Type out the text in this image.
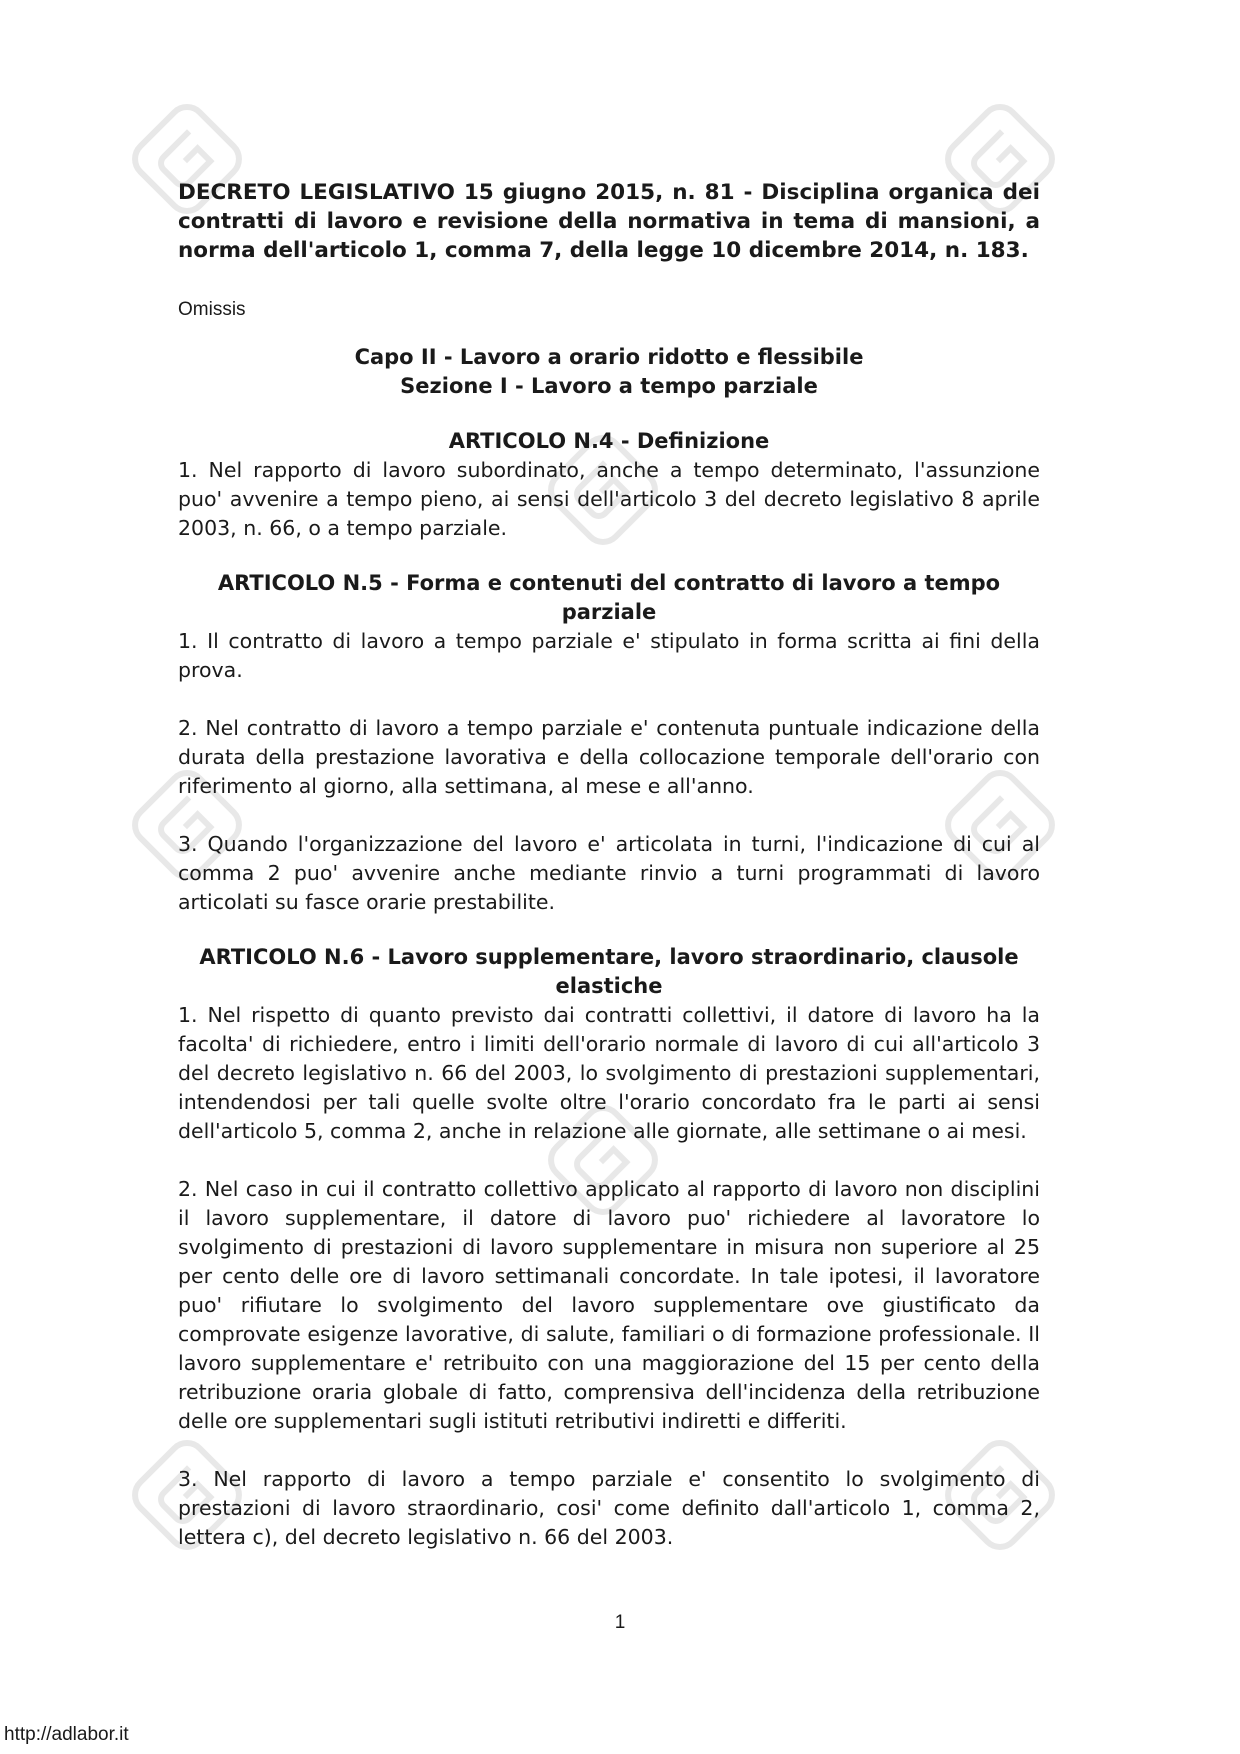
DECRETO LEGISLATIVO 15 giugno 2015, n. 81 - Disciplina organica dei contratti di lavoro e revisione della normativa in tema di mansioni, a norma dell'articolo 1, comma 7, della legge 10 dicembre 2014, n. 183.

Omissis

Capo II - Lavoro a orario ridotto e flessibile
Sezione I - Lavoro a tempo parziale

ARTICOLO N.4 - Definizione

1. Nel rapporto di lavoro subordinato, anche a tempo determinato, l'assunzione puo' avvenire a tempo pieno, ai sensi dell'articolo 3 del decreto legislativo 8 aprile 2003, n. 66, o a tempo parziale.

ARTICOLO N.5 - Forma e contenuti del contratto di lavoro a tempo parziale

1. Il contratto di lavoro a tempo parziale e' stipulato in forma scritta ai fini della prova.

2. Nel contratto di lavoro a tempo parziale e' contenuta puntuale indicazione della durata della prestazione lavorativa e della collocazione temporale dell'orario con riferimento al giorno, alla settimana, al mese e all'anno.

3. Quando l'organizzazione del lavoro e' articolata in turni, l'indicazione di cui al comma 2 puo' avvenire anche mediante rinvio a turni programmati di lavoro articolati su fasce orarie prestabilite.

ARTICOLO N.6 - Lavoro supplementare, lavoro straordinario, clausole elastiche

1. Nel rispetto di quanto previsto dai contratti collettivi, il datore di lavoro ha la facolta' di richiedere, entro i limiti dell'orario normale di lavoro di cui all'articolo 3 del decreto legislativo n. 66 del 2003, lo svolgimento di prestazioni supplementari, intendendosi per tali quelle svolte oltre l'orario concordato fra le parti ai sensi dell'articolo 5, comma 2, anche in relazione alle giornate, alle settimane o ai mesi.

2. Nel caso in cui il contratto collettivo applicato al rapporto di lavoro non disciplini il lavoro supplementare, il datore di lavoro puo' richiedere al lavoratore lo svolgimento di prestazioni di lavoro supplementare in misura non superiore al 25 per cento delle ore di lavoro settimanali concordate. In tale ipotesi, il lavoratore puo' rifiutare lo svolgimento del lavoro supplementare ove giustificato da comprovate esigenze lavorative, di salute, familiari o di formazione professionale. Il lavoro supplementare e' retribuito con una maggiorazione del 15 per cento della retribuzione oraria globale di fatto, comprensiva dell'incidenza della retribuzione delle ore supplementari sugli istituti retributivi indiretti e differiti.

3. Nel rapporto di lavoro a tempo parziale e' consentito lo svolgimento di prestazioni di lavoro straordinario, cosi' come definito dall'articolo 1, comma 2, lettera c), del decreto legislativo n. 66 del 2003.

1
http://adlabor.it
